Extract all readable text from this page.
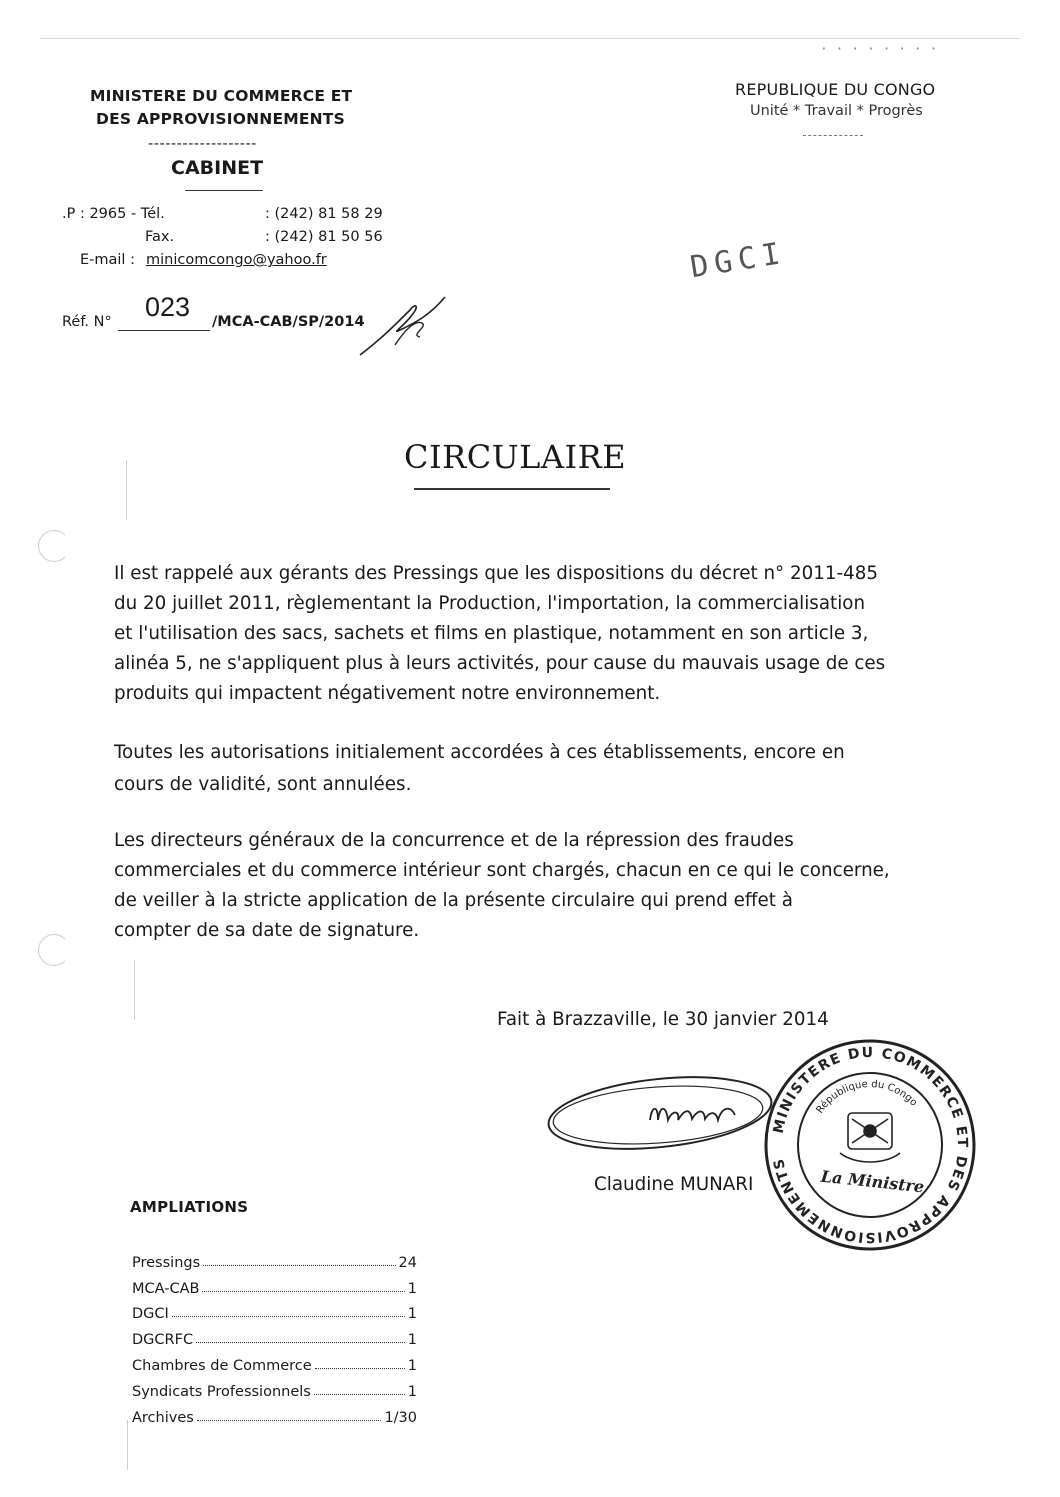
MINISTERE DU COMMERCE ET
DES APPROVISIONNEMENTS
-------------------
CABINET
.P : 2965 - Tél.	: (242) 81 58 29
Fax.	: (242) 81 50 56
E-mail : minicomcongo@yahoo.fr
· · · · · · · ·
REPUBLIQUE DU CONGO
Unité * Travail * Progrès
DGCI
Réf. N° 023 /MCA-CAB/SP/2014
CIRCULAIRE
Il est rappelé aux gérants des Pressings que les dispositions du décret n° 2011-485
du 20 juillet 2011, règlementant la Production, l'importation, la commercialisation
et l'utilisation des sacs, sachets et films en plastique, notamment en son article 3,
alinéa 5, ne s'appliquent plus à leurs activités, pour cause du mauvais usage de ces
produits qui impactent négativement notre environnement.
Toutes les autorisations initialement accordées à ces établissements, encore en
cours de validité, sont annulées.
Les directeurs généraux de la concurrence et de la répression des fraudes
commerciales et du commerce intérieur sont chargés, chacun en ce qui le concerne,
de veiller à la stricte application de la présente circulaire qui prend effet à
compter de sa date de signature.
Fait à Brazzaville, le 30 janvier 2014
Claudine MUNARI
MINISTERE DU COMMERCE ET DES APPROVISIONNEMENTS
République du Congo
La Ministre
AMPLIATIONS
Pressings	24
MCA-CAB	1
DGCI	1
DGCRFC	1
Chambres de Commerce	1
Syndicats Professionnels	1
Archives	1/30
